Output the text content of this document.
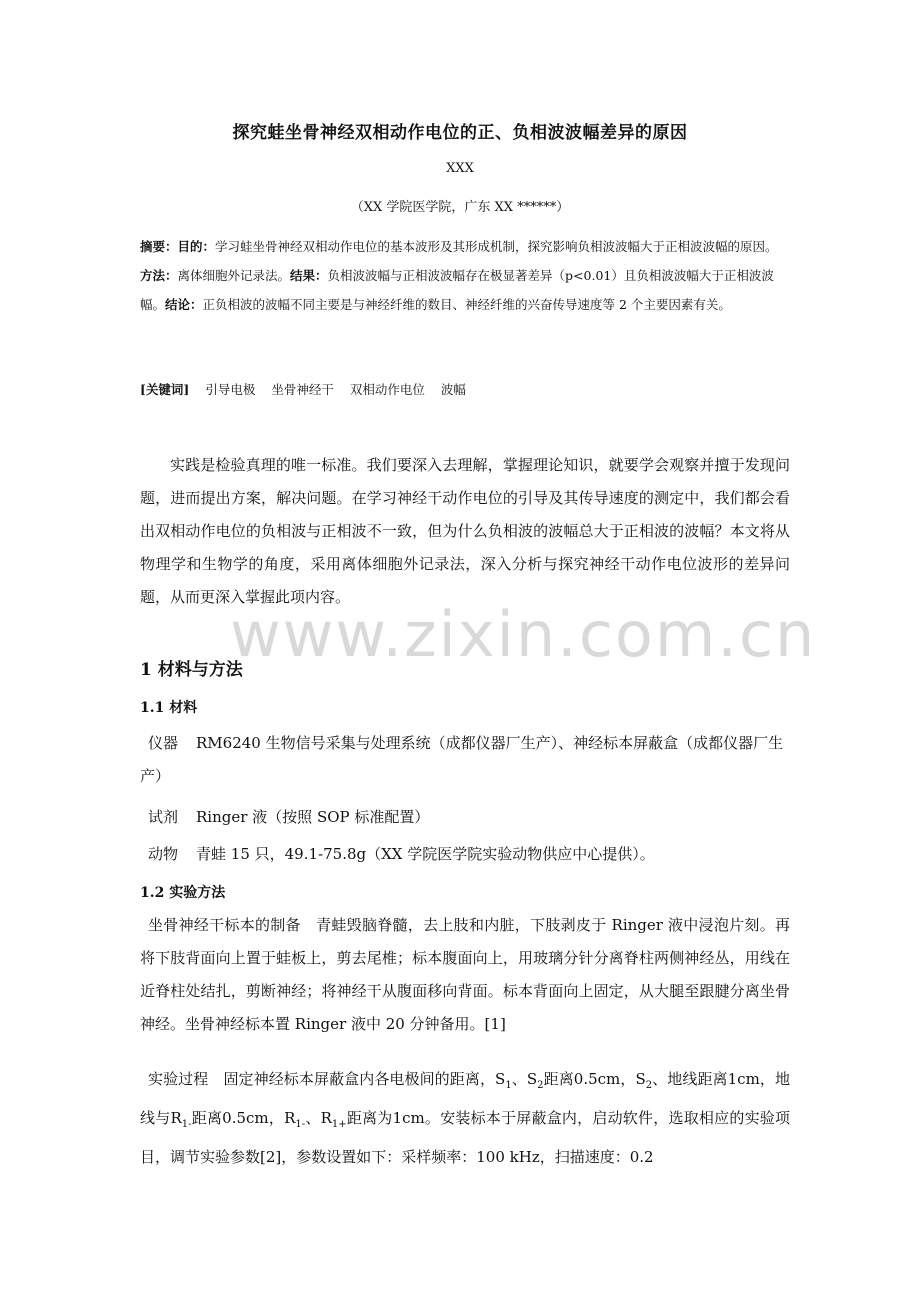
www.zixin.com.cn
探究蛙坐骨神经双相动作电位的正、负相波波幅差异的原因
XXX
（XX 学院医学院，广东 XX ******）
摘要：目的：学习蛙坐骨神经双相动作电位的基本波形及其形成机制，探究影响负相波波幅大于正相波波幅的原因。方法：离体细胞外记录法。结果：负相波波幅与正相波波幅存在极显著差异（p<0.01）且负相波波幅大于正相波波幅。结论：正负相波的波幅不同主要是与神经纤维的数目、神经纤维的兴奋传导速度等 2 个主要因素有关。
[关键词] 引导电极 坐骨神经干 双相动作电位 波幅
实践是检验真理的唯一标准。我们要深入去理解，掌握理论知识，就要学会观察并擅于发现问题，进而提出方案，解决问题。在学习神经干动作电位的引导及其传导速度的测定中，我们都会看出双相动作电位的负相波与正相波不一致，但为什么负相波的波幅总大于正相波的波幅？本文将从物理学和生物学的角度，采用离体细胞外记录法，深入分析与探究神经干动作电位波形的差异问题，从而更深入掌握此项内容。
1 材料与方法
1.1 材料
仪器 RM6240 生物信号采集与处理系统（成都仪器厂生产）、神经标本屏蔽盒（成都仪器厂生产）
试剂 Ringer 液（按照 SOP 标准配置）
动物 青蛙 15 只，49.1-75.8g（XX 学院医学院实验动物供应中心提供）。
1.2 实验方法
坐骨神经干标本的制备　 青蛙毁脑脊髓，去上肢和内脏，下肢剥皮于 Ringer 液中浸泡片刻。再将下肢背面向上置于蛙板上，剪去尾椎；标本腹面向上，用玻璃分针分离脊柱两侧神经丛，用线在近脊柱处结扎，剪断神经；将神经干从腹面移向背面。标本背面向上固定，从大腿至跟腱分离坐骨神经。坐骨神经标本置 Ringer 液中 20 分钟备用。[1]
实验过程　 固定神经标本屏蔽盒内各电极间的距离，$S_1$、$S_2$距离0.5cm，$S_2$、地线距离1cm，地线与$R_{1-}$距离0.5cm，$R_{1-}$、$R_{1+}$距离为1cm。安装标本于屏蔽盒内，启动软件，选取相应的实验项目，调节实验参数[2]，参数设置如下：采样频率：100 kHz，扫描速度：0.2
